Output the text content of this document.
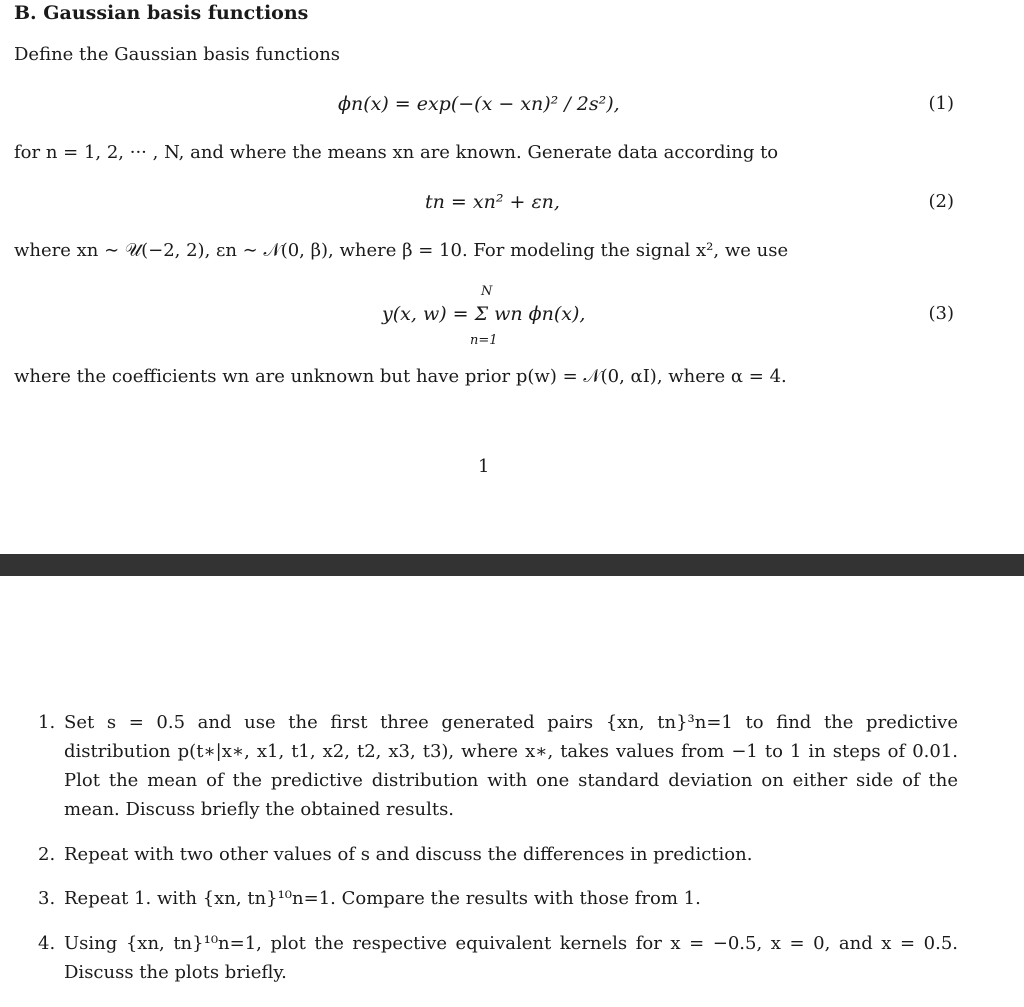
B. Gaussian basis functions
Define the Gaussian basis functions
ϕn(x) = exp(−(x − xn)² / 2s²),	(1)
for n = 1, 2, ··· , N, and where the means xn are known. Generate data according to
tn = xn² + εn,	(2)
where xn ∼ 𝒰(−2, 2), εn ∼ 𝒩(0, β), where β = 10. For modeling the signal x², we use
N
y(x, w) = Σ wn ϕn(x),
n=1
(3)
where the coefficients wn are unknown but have prior p(w) = 𝒩(0, αI), where α = 4.
1
1. Set s = 0.5 and use the first three generated pairs {xn, tn}³n=1 to find the predictive distribution p(t∗|x∗, x1, t1, x2, t2, x3, t3), where x∗, takes values from −1 to 1 in steps of 0.01. Plot the mean of the predictive distribution with one standard deviation on either side of the mean. Discuss briefly the obtained results.
2. Repeat with two other values of s and discuss the differences in prediction.
3. Repeat 1. with {xn, tn}¹⁰n=1. Compare the results with those from 1.
4. Using {xn, tn}¹⁰n=1, plot the respective equivalent kernels for x = −0.5, x = 0, and x = 0.5. Discuss the plots briefly.
